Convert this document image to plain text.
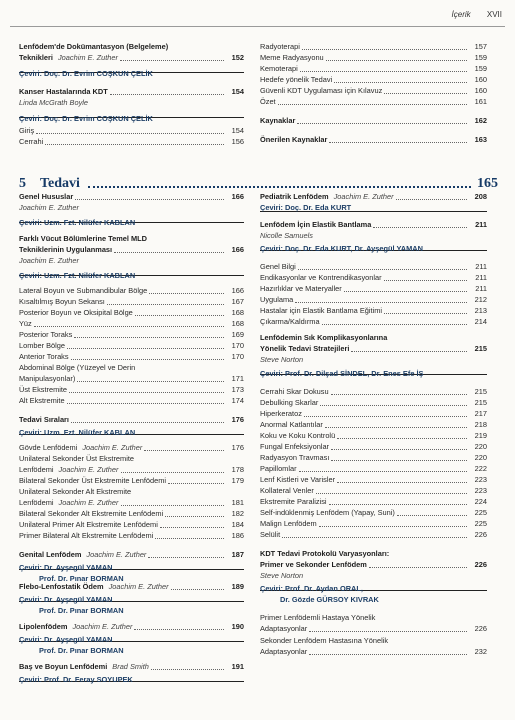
İçerik XVII
Lenfödem'de Dokümantasyon (Belgeleme)
Teknikleri Joachim E. Zuther	152
Çeviri: Doç. Dr. Evrim COŞKUN ÇELİK
Kanser Hastalarında KDT	154
Linda McGrath Boyle
Çeviri: Doç. Dr. Evrim COŞKUN ÇELİK
Giriş	154
Cerrahi	156
Radyoterapi	157
Meme Radyasyonu	159
Kemoterapi	159
Hedefe yönelik Tedavi	160
Güvenli KDT Uygulaması için Kılavuz	160
Özet	161
Kaynaklar	162
Önerilen Kaynaklar	163
5	Tedavi	165
Genel Hususlar	166
Joachim E. Zuther
Çeviri: Uzm. Fzt. Nilüfer KABLAN
Farklı Vücut Bölümlerine Temel MLD
Tekniklerinin Uygulanması	166
Joachim E. Zuther
Çeviri: Uzm. Fzt. Nilüfer KABLAN
Lateral Boyun ve Submandibular Bölge	166
Kısaltılmış Boyun Sekansı	167
Posterior Boyun ve Oksipital Bölge	168
Yüz	168
Posterior Toraks	169
Lomber Bölge	170
Anterior Toraks	170
Abdominal Bölge (Yüzeyel ve Derin
Manipulasyonlar)	171
Üst Ekstremite	173
Alt Ekstremite	174
Tedavi Sıraları	176
Çeviri: Uzm. Fzt. Nilüfer KABLAN
Gövde Lenfödemi Joachim E. Zuther	176
Unilateral Sekonder Üst Ekstremite
Lenfödemi Joachim E. Zuther	178
Bilateral Sekonder Üst Ekstremite Lenfödemi	179
Unilateral Sekonder Alt Ekstremite
Lenfödemi Joachim E. Zuther	181
Bilateral Sekonder Alt Ekstremite Lenfödemi	182
Unilateral Primer Alt Ekstremite Lenfödemi	184
Primer Bilateral Alt Ekstremite Lenfödemi	186
Genital Lenfödem Joachim E. Zuther	187
Çeviri: Dr. Ayşegül YAMAN
Prof. Dr. Pınar BORMAN
Flebo-Lenfostatik Ödem Joachim E. Zuther	189
Çeviri: Dr. Ayşegül YAMAN
Prof. Dr. Pınar BORMAN
Lipolenfödem Joachim E. Zuther	190
Çeviri: Dr. Ayşegül YAMAN
Prof. Dr. Pınar BORMAN
Baş ve Boyun Lenfödemi Brad Smith	191
Çeviri: Prof. Dr. Feray SOYUPEK
Pediatrik Lenfödem Joachim E. Zuther	208
Çeviri: Doç. Dr. Eda KURT
Lenfödem İçin Elastik Bantlama	211
Nicolle Samuels
Çeviri: Doç. Dr. Eda KURT, Dr. Ayşegül YAMAN
Genel Bilgi	211
Endikasyonlar ve Kontrendikasyonlar	211
Hazırlıklar ve Materyaller	211
Uygulama	212
Hastalar için Elastik Bantlama Eğitimi	213
Çıkarma/Kaldırma	214
Lenfödemin Sık Komplikasyonlarına
Yönelik Tedavi Stratejileri	215
Steve Norton
Çeviri: Prof. Dr. Dilşad SİNDEL, Dr. Enes Efe İŞ
Cerrahi Skar Dokusu	215
Debulking Skarlar	215
Hiperkeratoz	217
Anormal Katlantılar	218
Koku ve Koku Kontrolü	219
Fungal Enfeksiyonlar	220
Radyasyon Travması	220
Papillomlar	222
Lenf Kistleri ve Varisler	223
Kollateral Venler	223
Ekstremite Paralizisi	224
Self-indüklenmiş Lenfödem (Yapay, Suni)	225
Malign Lenfödem	225
Selülit	226
KDT Tedavi Protokolü Varyasyonları:
Primer ve Sekonder Lenfödem	226
Steve Norton
Çeviri: Prof. Dr. Aydan ORAL,
Dr. Gözde GÜRSOY KIVRAK
Primer Lenfödemli Hastaya Yönelik
Adaptasyonlar	226
Sekonder Lenfödem Hastasına Yönelik
Adaptasyonlar	232
